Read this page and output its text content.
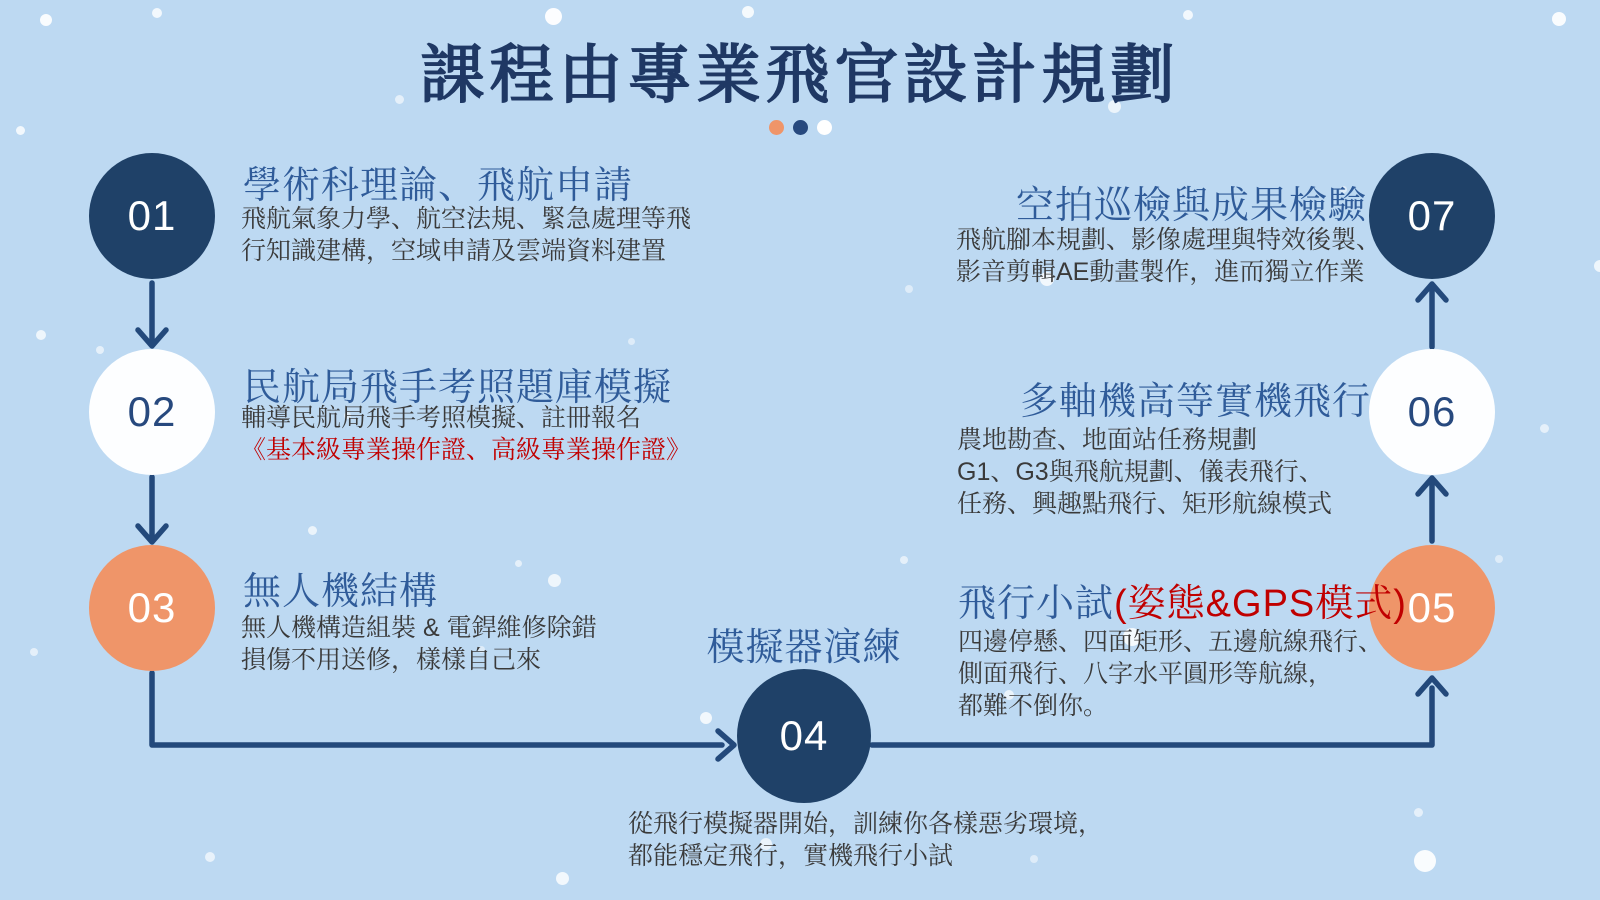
課程由專業飛官設計規劃
01
02
03
04
05
06
07
學術科理論、飛航申請
飛航氣象力學、航空法規、緊急處理等飛
行知識建構，空域申請及雲端資料建置
民航局飛手考照題庫模擬
輔導民航局飛手考照模擬、註冊報名
《基本級專業操作證、高級專業操作證》
無人機結構
無人機構造組裝 & 電銲維修除錯
損傷不用送修，樣樣自己來	模擬器演練
從飛行模擬器開始，訓練你各樣惡劣環境，
都能穩定飛行，實機飛行小試
飛行小試(姿態&GPS模式)
四邊停懸、四面矩形、五邊航線飛行、
側面飛行、八字水平圓形等航線，
都難不倒你。
多軸機高等實機飛行
農地勘查、地面站任務規劃
G1、G3與飛航規劃、儀表飛行、
任務、興趣點飛行、矩形航線模式
空拍巡檢與成果檢驗
飛航腳本規劃、影像處理與特效後製、
影音剪輯AE動畫製作，進而獨立作業
